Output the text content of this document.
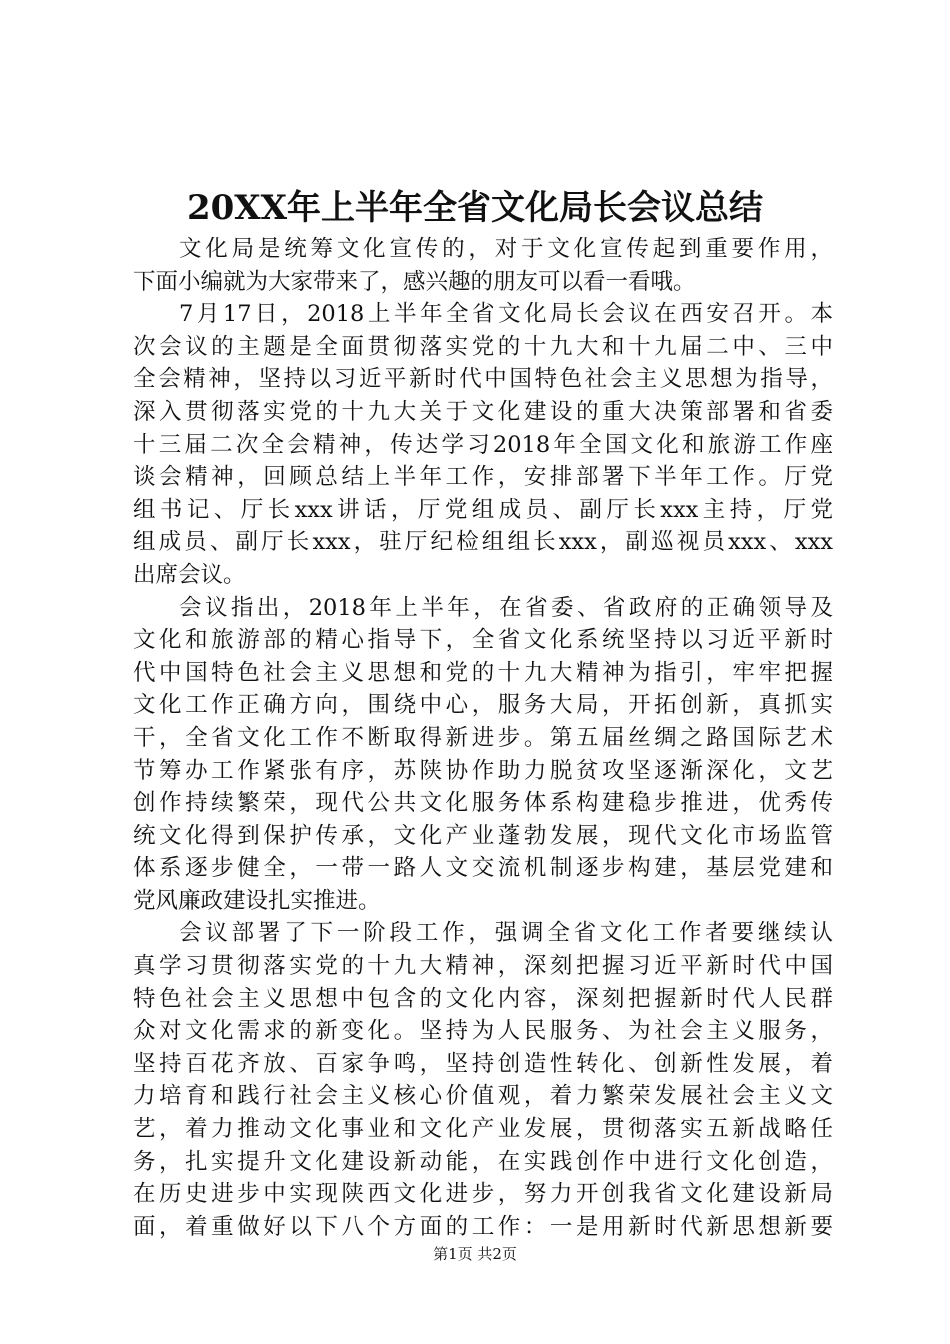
20XX年上半年全省文化局长会议总结
文化局是统筹文化宣传的，对于文化宣传起到重要作用，
下面小编就为大家带来了，感兴趣的朋友可以看一看哦。
7月17日，2018上半年全省文化局长会议在西安召开。本
次会议的主题是全面贯彻落实党的十九大和十九届二中、三中
全会精神，坚持以习近平新时代中国特色社会主义思想为指导，
深入贯彻落实党的十九大关于文化建设的重大决策部署和省委
十三届二次全会精神，传达学习2018年全国文化和旅游工作座
谈会精神，回顾总结上半年工作，安排部署下半年工作。厅党
组书记、厅长xxx讲话，厅党组成员、副厅长xxx主持，厅党
组成员、副厅长xxx，驻厅纪检组组长xxx，副巡视员xxx、xxx
出席会议。
会议指出，2018年上半年，在省委、省政府的正确领导及
文化和旅游部的精心指导下，全省文化系统坚持以习近平新时
代中国特色社会主义思想和党的十九大精神为指引，牢牢把握
文化工作正确方向，围绕中心，服务大局，开拓创新，真抓实
干，全省文化工作不断取得新进步。第五届丝绸之路国际艺术
节筹办工作紧张有序，苏陕协作助力脱贫攻坚逐渐深化，文艺
创作持续繁荣，现代公共文化服务体系构建稳步推进，优秀传
统文化得到保护传承，文化产业蓬勃发展，现代文化市场监管
体系逐步健全，一带一路人文交流机制逐步构建，基层党建和
党风廉政建设扎实推进。
会议部署了下一阶段工作，强调全省文化工作者要继续认
真学习贯彻落实党的十九大精神，深刻把握习近平新时代中国
特色社会主义思想中包含的文化内容，深刻把握新时代人民群
众对文化需求的新变化。坚持为人民服务、为社会主义服务，
坚持百花齐放、百家争鸣，坚持创造性转化、创新性发展，着
力培育和践行社会主义核心价值观，着力繁荣发展社会主义文
艺，着力推动文化事业和文化产业发展，贯彻落实五新战略任
务，扎实提升文化建设新动能，在实践创作中进行文化创造，
在历史进步中实现陕西文化进步，努力开创我省文化建设新局
面，着重做好以下八个方面的工作：一是用新时代新思想新要
第1页 共2页
